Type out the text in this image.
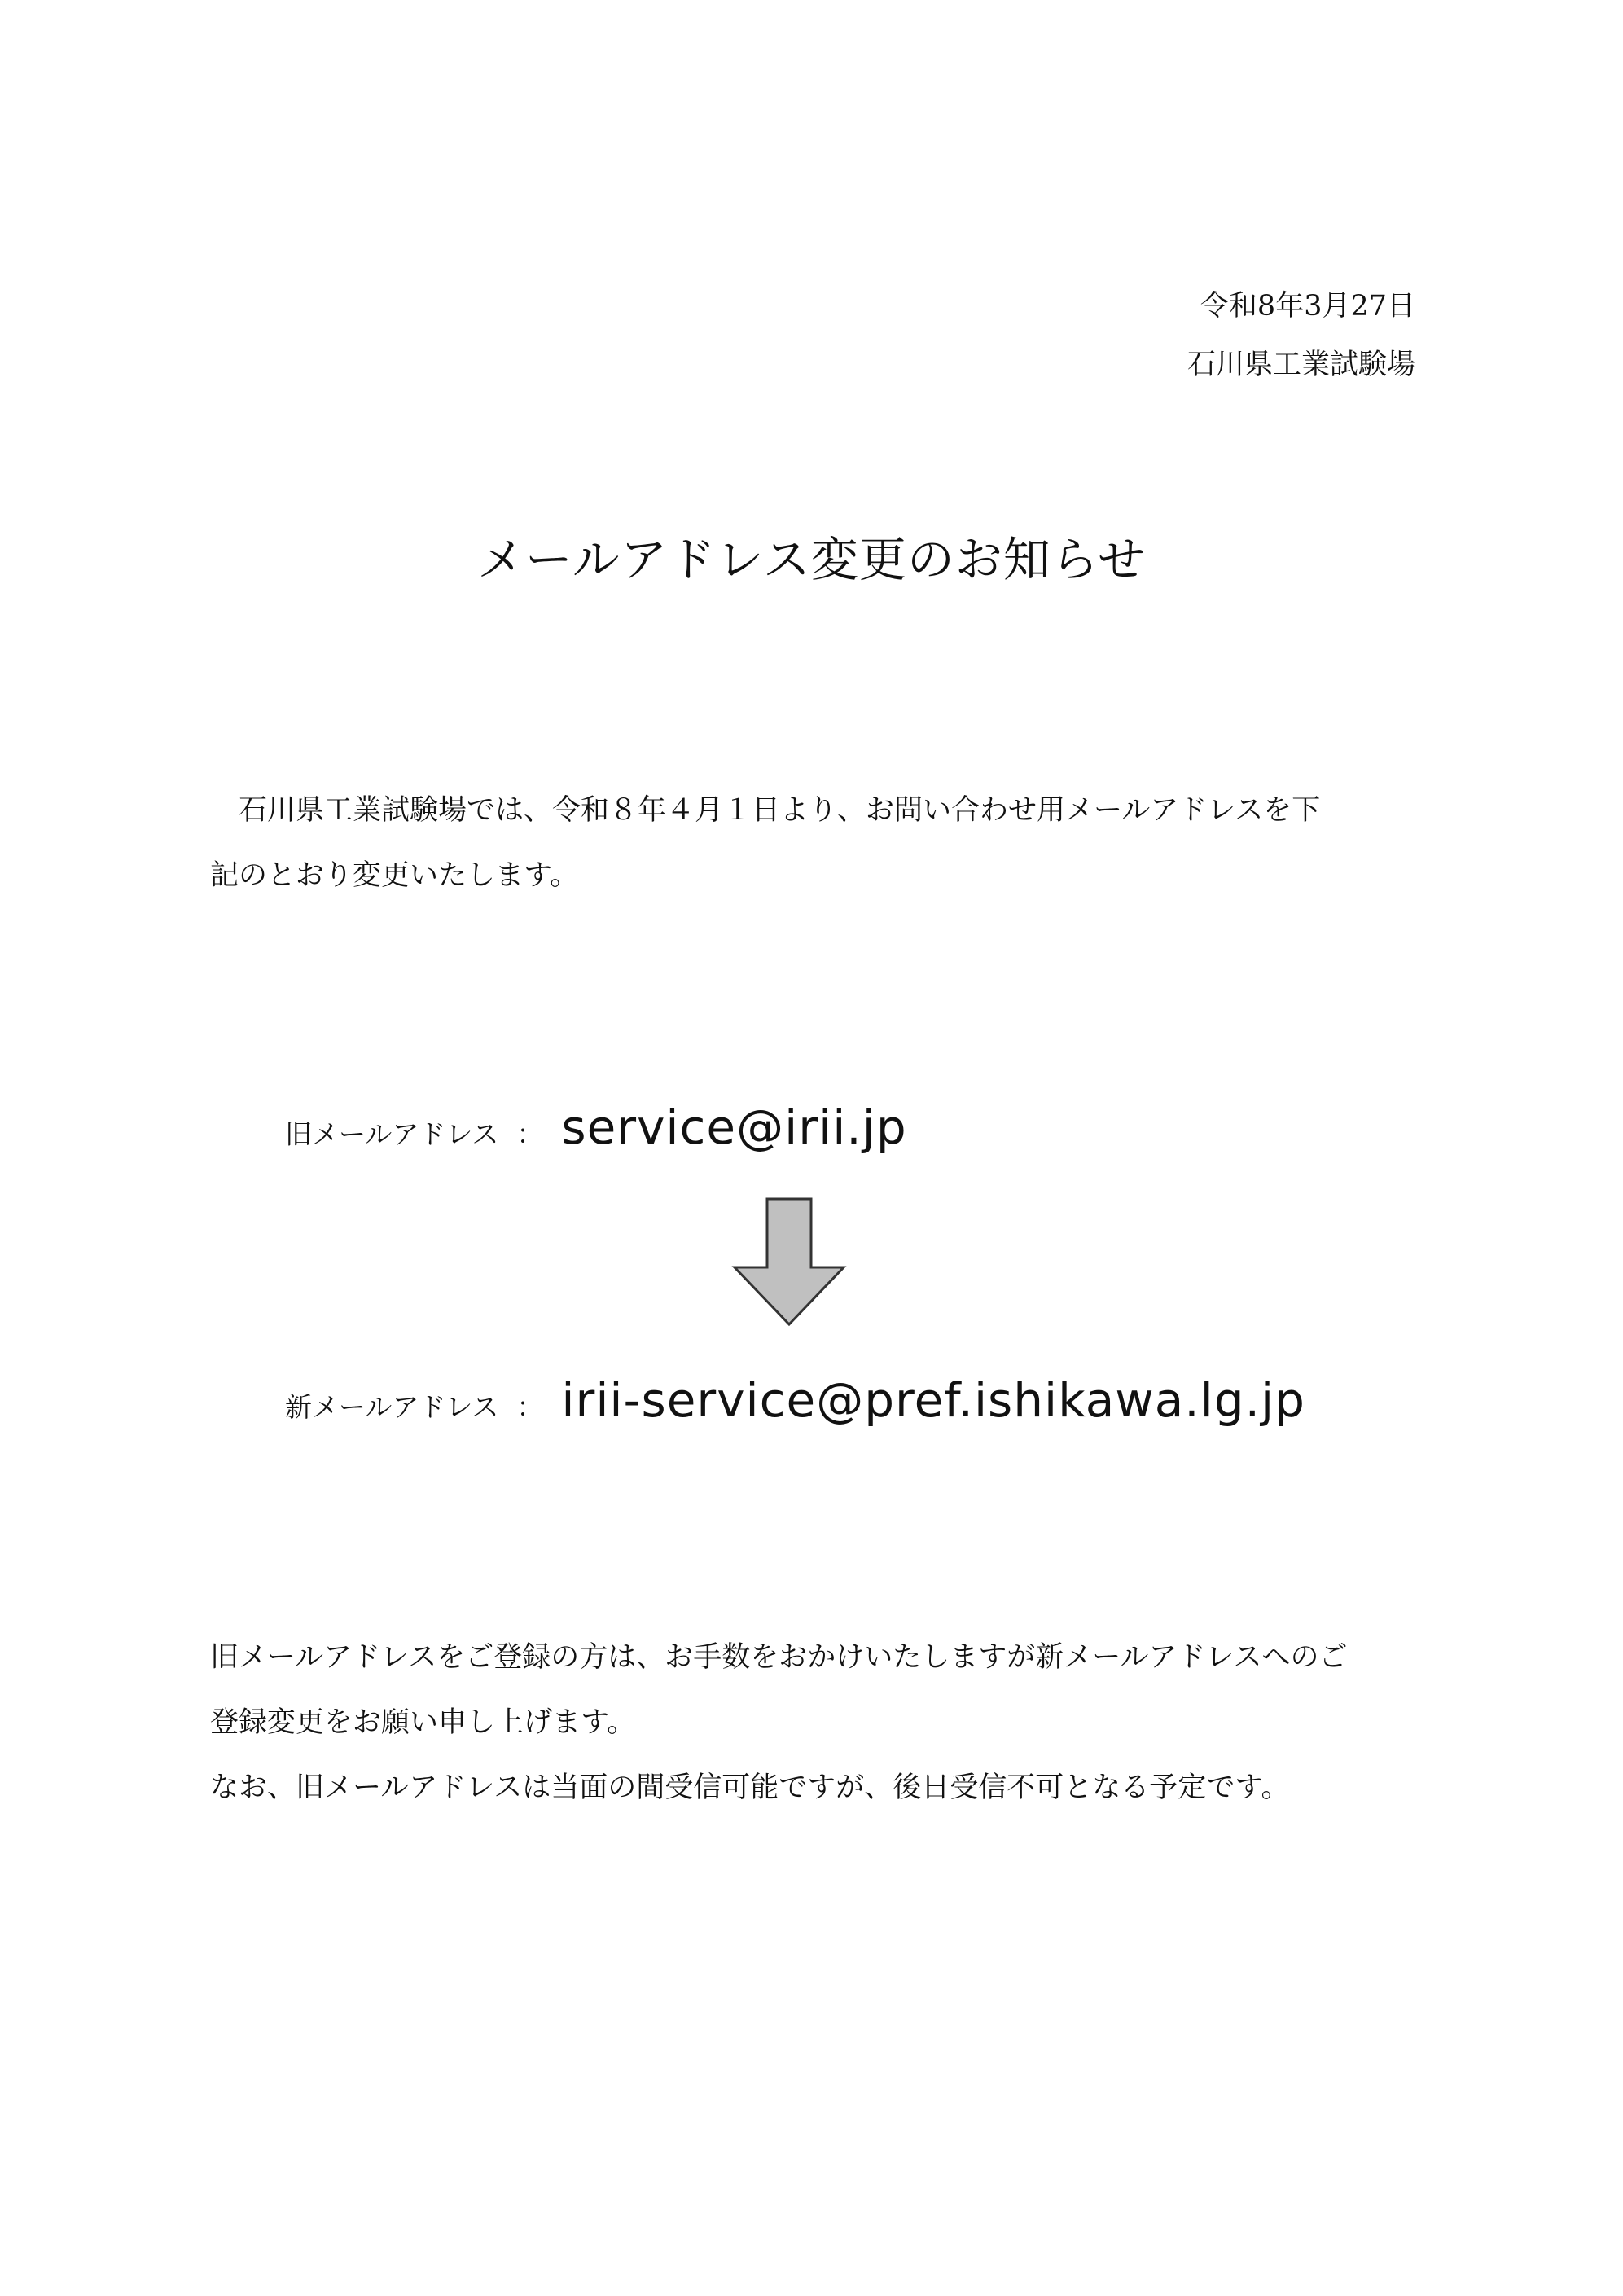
令和8年3月27日
石川県工業試験場
メールアドレス変更のお知らせ
　石川県工業試験場では、令和８年４月１日より、お問い合わせ用メールアドレスを下
記のとおり変更いたします。
旧メールアドレス ： service@irii.jp
新メールアドレス ： irii-service@pref.ishikawa.lg.jp
旧メールアドレスをご登録の方は、お手数をおかけいたしますが新メールアドレスへのご
登録変更をお願い申し上げます。
なお、旧メールアドレスは当面の間受信可能ですが、後日受信不可となる予定です。
